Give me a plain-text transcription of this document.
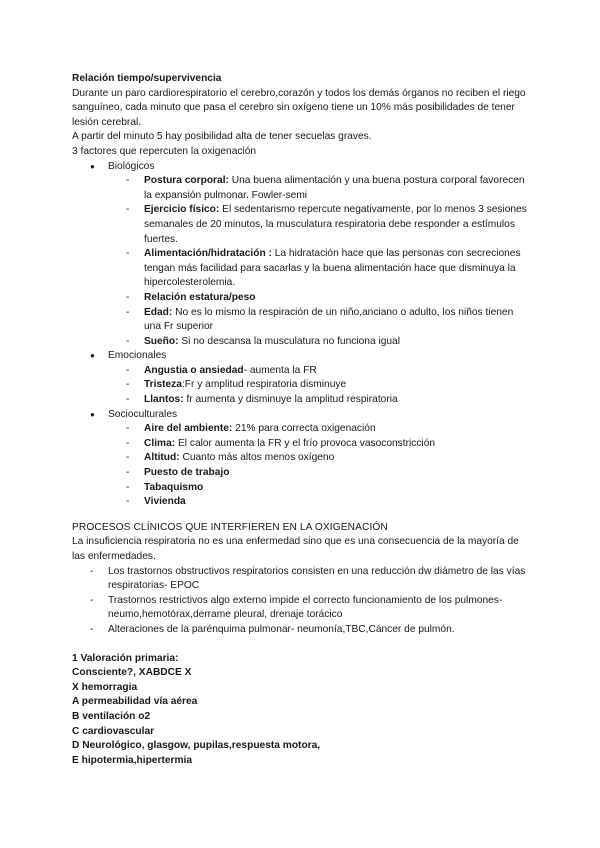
Relación tiempo/supervivencia

Durante un paro cardiorespiratorio el cerebro,corazón y todos los demás órganos no reciben el riego sanguíneo, cada minuto que pasa el cerebro sin oxígeno tiene un 10% más posibilidades de tener lesión cerebral.

A partir del minuto 5 hay posibilidad alta de tener secuelas graves.

3 factores que repercuten la oxigenación

● Biológicos
- Postura corporal: Una buena alimentación y una buena postura corporal favorecen la expansión pulmonar. Fowler-semi
- Ejercicio físico: El sedentarismo repercute negativamente, por lo menos 3 sesiones semanales de 20 minutos, la musculatura respiratoria debe responder a estímulos fuertes.
- Alimentación/hidratación : La hidratación hace que las personas con secreciones tengan más facilidad para sacarlas y la buena alimentación hace que disminuya la hipercolesterolemia.
- Relación estatura/peso
- Edad: No es lo mismo la respiración de un niño,anciano o adulto, los niños tienen una Fr superior
- Sueño: Si no descansa la musculatura no funciona igual
● Emocionales
- Angustia o ansiedad- aumenta la FR
- Tristeza:Fr y amplitud respiratoria disminuye
- Llantos: fr aumenta y disminuye la amplitud respiratoria
● Socioculturales
- Aire del ambiente: 21% para correcta oxigenación
- Clima: El calor aumenta la FR y el frío provoca vasoconstricción
- Altitud: Cuanto más altos menos oxígeno
- Puesto de trabajo
- Tabaquismo
- Vivienda

PROCESOS CLÍNICOS QUE INTERFIEREN EN LA OXIGENACIÓN

La insuficiencia respiratoria no es una enfermedad sino que es una consecuencia de la mayoría de las enfermedades.

- Los trastornos obstructivos respiratorios consisten en una reducción dw diámetro de las vías respiratorias- EPOC
- Trastornos restrictivos algo externo impide el correcto funcionamiento de los pulmones- neumo,hemotórax,derrame pleural, drenaje torácico
- Alteraciones de la parénquima pulmonar- neumonía,TBC,Cáncer de pulmón.

1 Valoración primaria:

Consciente?, XABDCE X

X hemorragia

A permeabilidad vía aérea

B ventilación o2

C cardiovascular

D Neurológico, glasgow, pupilas,respuesta motora,

E hipotermia,hipertermia
